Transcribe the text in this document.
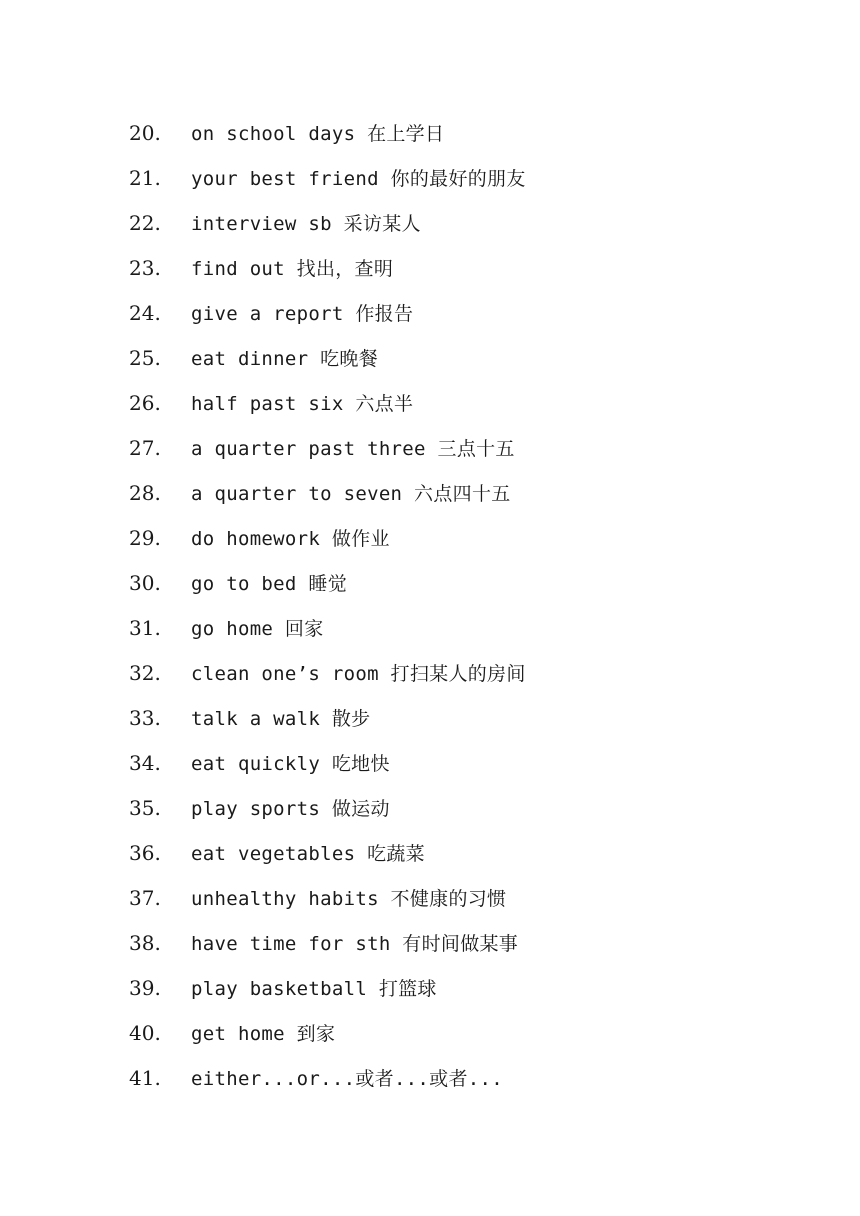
20.	on school days 在上学日
21.	your best friend 你的最好的朋友
22.	interview sb 采访某人
23.	find out 找出，查明
24.	give a report 作报告
25.	eat dinner 吃晚餐
26.	half past six 六点半
27.	a quarter past three 三点十五
28.	a quarter to seven 六点四十五
29.	do homework 做作业
30.	go to bed 睡觉
31.	go home 回家
32.	clean one’s room 打扫某人的房间
33.	talk a walk 散步
34.	eat quickly 吃地快
35.	play sports 做运动
36.	eat vegetables 吃蔬菜
37.	unhealthy habits 不健康的习惯
38.	have time for sth 有时间做某事
39.	play basketball 打篮球
40.	get home 到家
41.	either...or...或者...或者...
